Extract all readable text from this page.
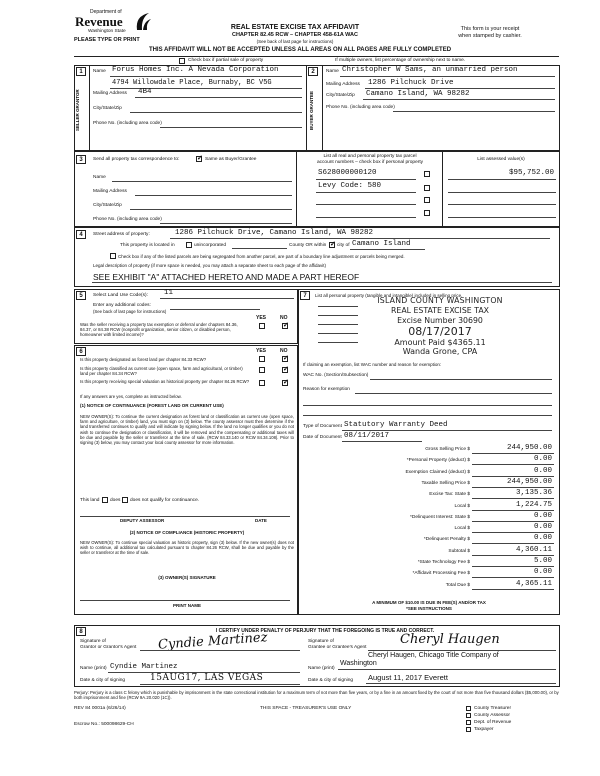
Department of
Revenue
Washington State
PLEASE TYPE OR PRINT
REAL ESTATE EXCISE TAX AFFIDAVIT
CHAPTER 82.45 RCW – CHAPTER 458-61A WAC
(See back of last page for instructions)
This form is your receipt
when stamped by cashier.
THIS AFFIDAVIT WILL NOT BE ACCEPTED UNLESS ALL AREAS ON ALL PAGES ARE FULLY COMPLETED
Check box if partial sale of property	If multiple owners, list percentage of ownership next to name.
1
SELLER GRANTOR
2
BUYER GRANTEE
Name Forus Homes Inc. A Nevada Corporation
4794 Willowdale Place, Burnaby, BC V5G
Mailing Address 4B4
City/State/Zip
Phone No. (including area code)
Name Christopher W Sams, an unmarried person
Mailing Address 1286 Pilchuck Drive
City/State/Zip Camano Island, WA 98282
Phone No. (including area code)
3	Send all property tax correspondence to: ✓	Same as Buyer/Grantee
Name
Mailing Address
City/State/Zip
Phone No. (including area code)
List all real and personal property tax parcel
account numbers – check box if personal property
List assessed value(s)
S628000000120	$95,752.00
Levy Code: 580
4	Street address of property:	1286 Pilchuck Drive, Camano Island, WA 98282
This property is located in	unincorporated	County OR within ✓ city of Camano Island
Check box if any of the listed parcels are being segregated from another parcel, are part of a boundary line adjustment or parcels being merged.
Legal description of property (if more space is needed, you may attach a separate sheet to each page of the affidavit)
SEE EXHIBIT "A" ATTACHED HERETO AND MADE A PART HEREOF
5	Select Land Use Code(s): 11
Enter any additional codes:
(See back of last page for instructions)
YES	NO
Was the seller receiving a property tax exemption or deferral under chapters 84.36, 84.37, or 84.38 RCW (nonprofit organization, senior citizen, or disabled person, homeowner with limited income)?
✓
6	YES	NO
Is this property designated as forest land per chapter 84.33 RCW?
✓
Is this property classified as current use (open space, farm and agricultural, or timber) land per chapter 84.34 RCW?
✓
Is this property receiving special valuation as historical property per chapter 84.26 RCW?
✓
If any answers are yes, complete as instructed below.
(1) NOTICE OF CONTINUANCE (FOREST LAND OR CURRENT USE)
NEW OWNER(S): To continue the current designation as forest land or classification as current use (open space, farm and agriculture, or timber) land, you must sign on (3) below. The county assessor must then determine if the land transferred continues to qualify and will indicate by signing below. If the land no longer qualifies or you do not wish to continue the designation or classification, it will be removed and the compensating or additional taxes will be due and payable by the seller or transferor at the time of sale. (RCW 84.33.140 or RCW 84.34.108). Prior to signing (3) below, you may contact your local county assessor for more information.
This land does does not qualify for continuance.
DEPUTY ASSESSOR	DATE
(2) NOTICE OF COMPLIANCE (HISTORIC PROPERTY)
NEW OWNER(S): To continue special valuation as historic property, sign (3) below. If the new owner(s) does not wish to continue, all additional tax calculated pursuant to chapter 84.26 RCW, shall be due and payable by the seller or transferor at the time of sale.
(3) OWNER(S) SIGNATURE
PRINT NAME
7	List all personal property (tangible and intangible) included in selling price.
ISLAND COUNTY WASHINGTON
REAL ESTATE EXCISE TAX
Excise Number 30690
08/17/2017
Amount Paid $4365.11
Wanda Grone, CPA
If claiming an exemption, list WAC number and reason for exemption:
WAC No. (Section/Subsection)
Reason for exemption
Type of Document Statutory Warranty Deed
Date of Document 08/11/2017
Gross Selling Price $	244,950.00
*Personal Property (deduct) $	0.00
Exemption Claimed (deduct) $	0.00
Taxable Selling Price $	244,950.00
Excise Tax: State $	3,135.36
Local $	1,224.75
*Delinquent Interest: State $	0.00
Local $	0.00
*Delinquent Penalty $	0.00
Subtotal $	4,360.11
*State Technology Fee $	5.00
*Affidavit Processing Fee $	0.00
Total Due $	4,365.11
A MINIMUM OF $10.00 IS DUE IN FEE(S) AND/OR TAX
*SEE INSTRUCTIONS
8	I CERTIFY UNDER PENALTY OF PERJURY THAT THE FOREGOING IS TRUE AND CORRECT.
Signature of
Grantor or Grantor's Agent Cyndie Martinez
Name (print) Cyndie Martinez
Date & city of signing	15AUG17, LAS VEGAS
Signature of
Grantee or Grantee's Agent
Cheryl Haugen
Cheryl Haugen, Chicago Title Company of
Name (print)
Washington
Date & city of signing August 11, 2017 Everett
Perjury: Perjury is a class C felony which is punishable by imprisonment in the state correctional institution for a maximum term of not more than five years, or by a fine in an amount fixed by the court of not more than five thousand dollars ($5,000.00), or by both imprisonment and fine (RCW 9A.20.020 (1C)).
REV 84 0001a (6/26/14)	THIS SPACE - TREASURER'S USE ONLY
Escrow No.: 500098629-CH
County Treasurer
County Assessor
Dept. of Revenue
Taxpayer
